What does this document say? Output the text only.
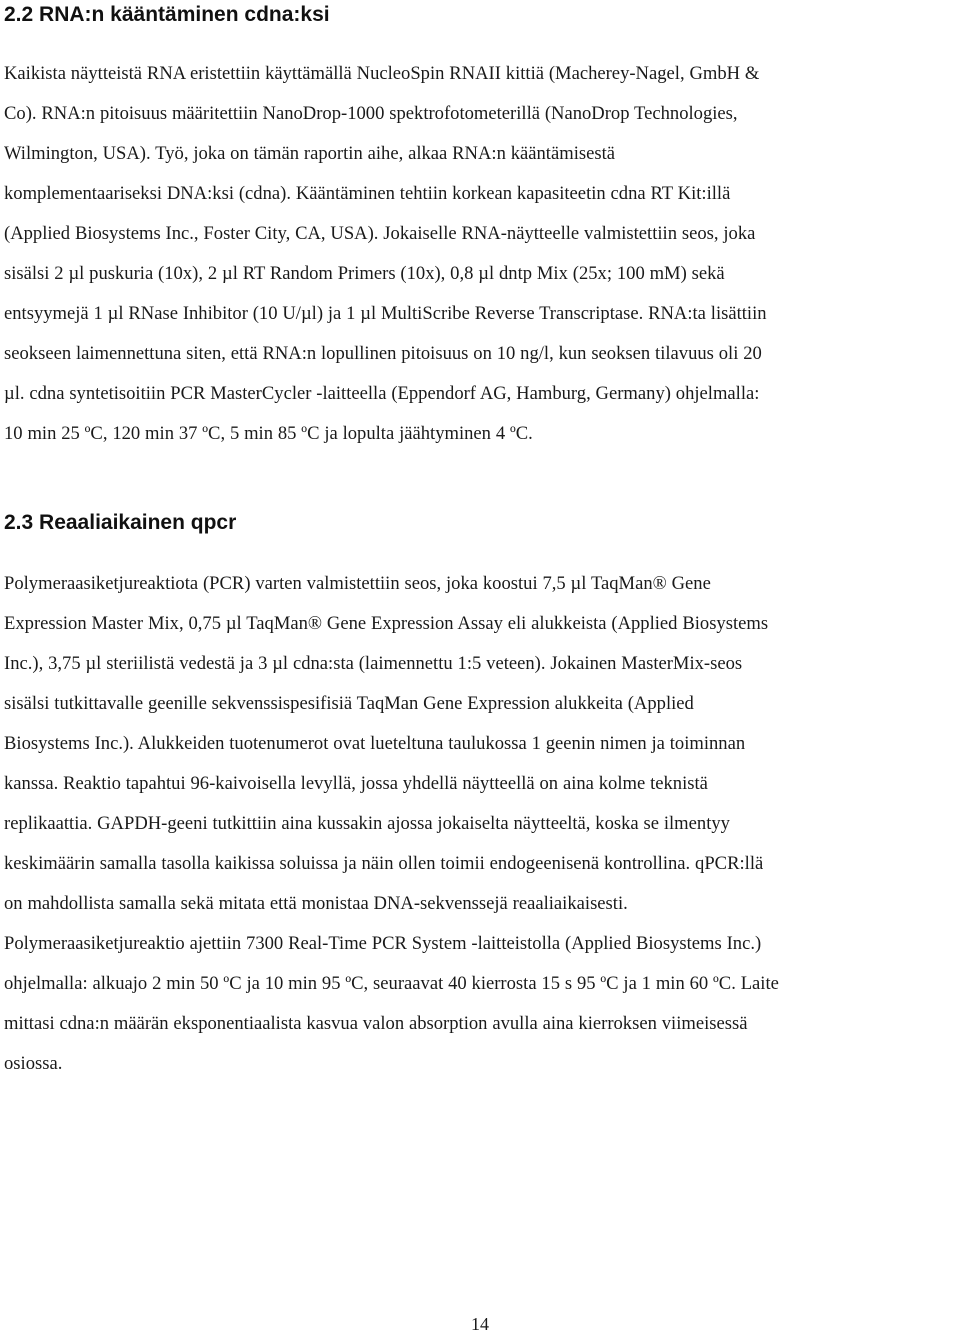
2.2 RNA:n kääntäminen cdna:ksi
Kaikista näytteistä RNA eristettiin käyttämällä NucleoSpin RNAII kittiä (Macherey-Nagel, GmbH &
Co). RNA:n pitoisuus määritettiin NanoDrop-1000 spektrofotometerillä (NanoDrop Technologies,
Wilmington, USA). Työ, joka on tämän raportin aihe, alkaa RNA:n kääntämisestä
komplementaariseksi DNA:ksi (cdna). Kääntäminen tehtiin korkean kapasiteetin cdna RT Kit:illä
(Applied Biosystems Inc., Foster City, CA, USA). Jokaiselle RNA-näytteelle valmistettiin seos, joka
sisälsi 2 µl puskuria (10x), 2 µl RT Random Primers (10x), 0,8 µl dntp Mix (25x; 100 mM) sekä
entsyymejä 1 µl RNase Inhibitor (10 U/µl) ja 1 µl MultiScribe Reverse Transcriptase. RNA:ta lisättiin
seokseen laimennettuna siten, että RNA:n lopullinen pitoisuus on 10 ng/l, kun seoksen tilavuus oli 20
µl. cdna syntetisoitiin PCR MasterCycler -laitteella (Eppendorf AG, Hamburg, Germany) ohjelmalla:
10 min 25 ºC, 120 min 37 ºC, 5 min 85 ºC ja lopulta jäähtyminen 4 ºC.
2.3 Reaaliaikainen qpcr
Polymeraasiketjureaktiota (PCR) varten valmistettiin seos, joka koostui 7,5 µl TaqMan® Gene
Expression Master Mix, 0,75 µl TaqMan® Gene Expression Assay eli alukkeista (Applied Biosystems
Inc.), 3,75 µl steriilistä vedestä ja 3 µl cdna:sta (laimennettu 1:5 veteen). Jokainen MasterMix-seos
sisälsi tutkittavalle geenille sekvenssispesifisiä TaqMan Gene Expression alukkeita (Applied
Biosystems Inc.). Alukkeiden tuotenumerot ovat lueteltuna taulukossa 1 geenin nimen ja toiminnan
kanssa. Reaktio tapahtui 96-kaivoisella levyllä, jossa yhdellä näytteellä on aina kolme teknistä
replikaattia. GAPDH-geeni tutkittiin aina kussakin ajossa jokaiselta näytteeltä, koska se ilmentyy
keskimäärin samalla tasolla kaikissa soluissa ja näin ollen toimii endogeenisenä kontrollina. qPCR:llä
on mahdollista samalla sekä mitata että monistaa DNA-sekvenssejä reaaliaikaisesti.
Polymeraasiketjureaktio ajettiin 7300 Real-Time PCR System -laitteistolla (Applied Biosystems Inc.)
ohjelmalla: alkuajo 2 min 50 ºC ja 10 min 95 ºC, seuraavat 40 kierrosta 15 s 95 ºC ja 1 min 60 ºC. Laite
mittasi cdna:n määrän eksponentiaalista kasvua valon absorption avulla aina kierroksen viimeisessä
osiossa.
14
